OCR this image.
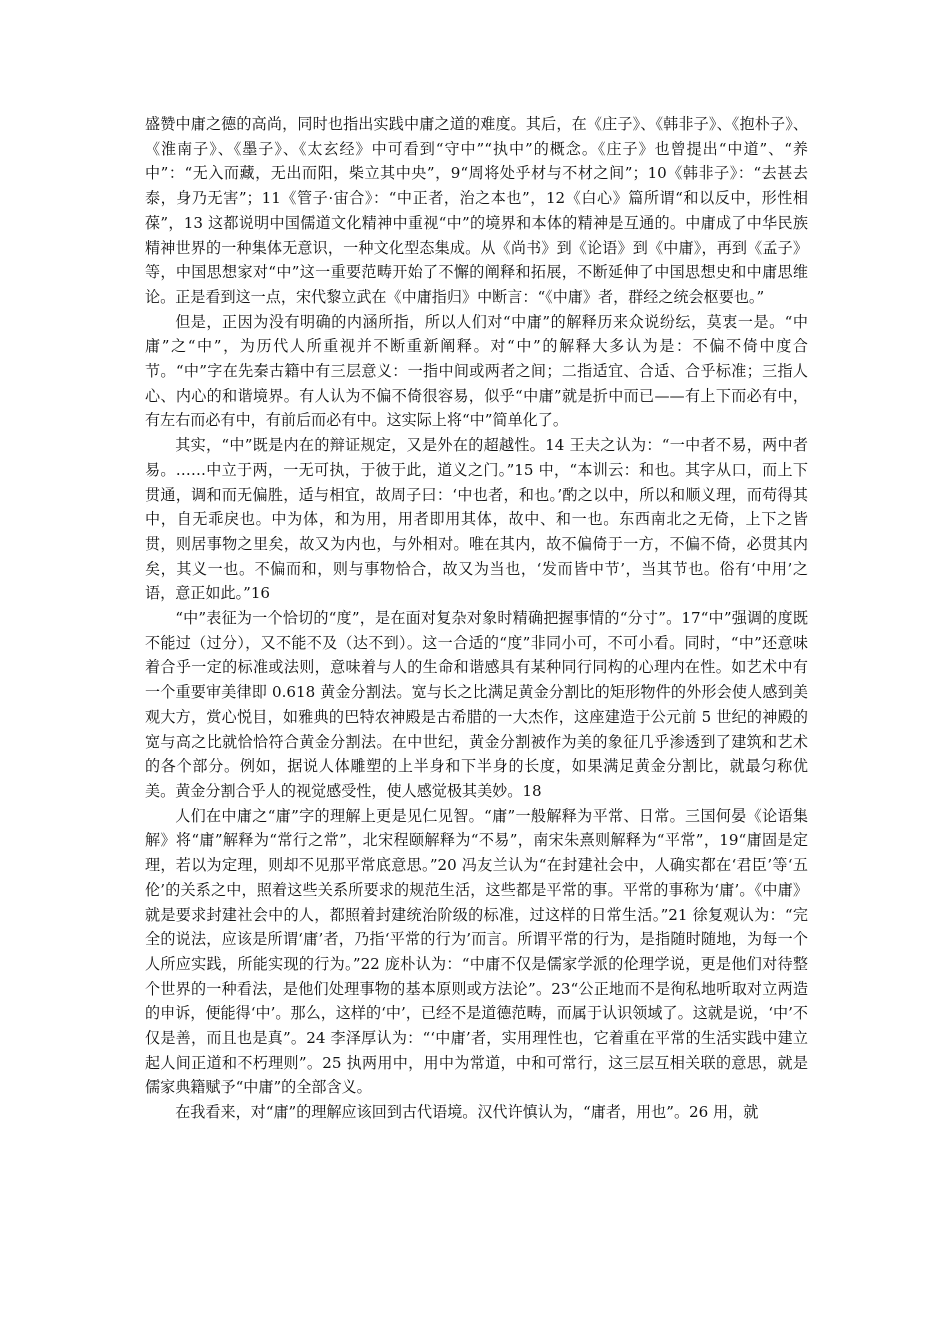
盛赞中庸之德的高尚，同时也指出实践中庸之道的难度。其后，在《庄子》、《韩非子》、《抱朴子》、《淮南子》、《墨子》、《太玄经》中可看到“守中”“执中”的概念。《庄子》也曾提出“中道”、“养中”：“无入而藏，无出而阳，柴立其中央”，9“周将处乎材与不材之间”；10《韩非子》：“去甚去泰，身乃无害”；11《管子·宙合》：“中正者，治之本也”，12《白心》篇所谓“和以反中，形性相葆”，13 这都说明中国儒道文化精神中重视“中”的境界和本体的精神是互通的。中庸成了中华民族精神世界的一种集体无意识，一种文化型态集成。从《尚书》到《论语》到《中庸》，再到《孟子》等，中国思想家对“中”这一重要范畴开始了不懈的阐释和拓展，不断延伸了中国思想史和中庸思维论。正是看到这一点，宋代黎立武在《中庸指归》中断言：“《中庸》者，群经之统会枢要也。”

但是，正因为没有明确的内涵所指，所以人们对“中庸”的解释历来众说纷纭，莫衷一是。“中庸”之“中”，为历代人所重视并不断重新阐释。对“中”的解释大多认为是：不偏不倚中度合节。“中”字在先秦古籍中有三层意义：一指中间或两者之间；二指适宜、合适、合乎标准；三指人心、内心的和谐境界。有人认为不偏不倚很容易，似乎“中庸”就是折中而已——有上下而必有中，有左右而必有中，有前后而必有中。这实际上将“中”简单化了。

其实，“中”既是内在的辩证规定，又是外在的超越性。14 王夫之认为：“一中者不易，两中者易。……中立于两，一无可执，于彼于此，道义之门。”15 中，“本训云：和也。其字从口，而上下贯通，调和而无偏胜，适与相宜，故周子曰：‘中也者，和也。’酌之以中，所以和顺义理，而苟得其中，自无乖戾也。中为体，和为用，用者即用其体，故中、和一也。东西南北之无倚，上下之皆贯，则居事物之里矣，故又为内也，与外相对。唯在其内，故不偏倚于一方，不偏不倚，必贯其内矣，其义一也。不偏而和，则与事物恰合，故又为当也，‘发而皆中节’，当其节也。俗有‘中用’之语，意正如此。”16

“中”表征为一个恰切的“度”，是在面对复杂对象时精确把握事情的“分寸”。17“中”强调的度既不能过（过分），又不能不及（达不到）。这一合适的“度”非同小可，不可小看。同时，“中”还意味着合乎一定的标准或法则，意味着与人的生命和谐感具有某种同行同构的心理内在性。如艺术中有一个重要审美律即 0.618 黄金分割法。宽与长之比满足黄金分割比的矩形物件的外形会使人感到美观大方，赏心悦目，如雅典的巴特农神殿是古希腊的一大杰作，这座建造于公元前 5 世纪的神殿的宽与高之比就恰恰符合黄金分割法。在中世纪，黄金分割被作为美的象征几乎渗透到了建筑和艺术的各个部分。例如，据说人体雕塑的上半身和下半身的长度，如果满足黄金分割比，就最匀称优美。黄金分割合乎人的视觉感受性，使人感觉极其美妙。18

人们在中庸之“庸”字的理解上更是见仁见智。“庸”一般解释为平常、日常。三国何晏《论语集解》将“庸”解释为“常行之常”，北宋程颐解释为“不易”，南宋朱熹则解释为“平常”，19“庸固是定理，若以为定理，则却不见那平常底意思。”20 冯友兰认为“在封建社会中，人确实都在‘君臣’等‘五伦’的关系之中，照着这些关系所要求的规范生活，这些都是平常的事。平常的事称为‘庸’。《中庸》就是要求封建社会中的人，都照着封建统治阶级的标准，过这样的日常生活。”21 徐复观认为：“完全的说法，应该是所谓‘庸’者，乃指‘平常的行为’而言。所谓平常的行为，是指随时随地，为每一个人所应实践，所能实现的行为。”22 庞朴认为：“中庸不仅是儒家学派的伦理学说，更是他们对待整个世界的一种看法，是他们处理事物的基本原则或方法论”。23“公正地而不是徇私地听取对立两造的申诉，便能得‘中’。那么，这样的‘中’，已经不是道德范畴，而属于认识领域了。这就是说，‘中’不仅是善，而且也是真”。24 李泽厚认为：“‘中庸’者，实用理性也，它着重在平常的生活实践中建立起人间正道和不朽理则”。25 执两用中，用中为常道，中和可常行，这三层互相关联的意思，就是儒家典籍赋予“中庸”的全部含义。

在我看来，对“庸”的理解应该回到古代语境。汉代许慎认为，“庸者，用也”。26 用，就
